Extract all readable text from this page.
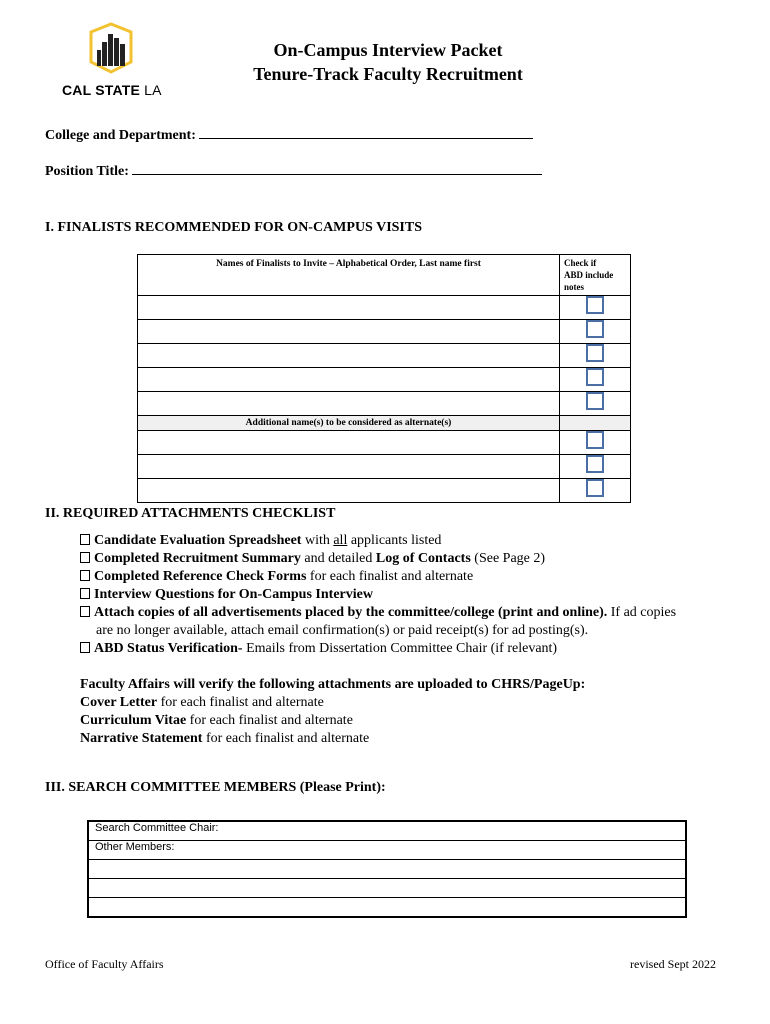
CAL STATE LA
On-Campus Interview Packet
Tenure-Track Faculty Recruitment
College and Department:
Position Title:
I. FINALISTS RECOMMENDED FOR ON-CAMPUS VISITS
Names of Finalists to Invite – Alphabetical Order, Last name first	Check if
ABD include
notes

Additional name(s) to be considered as alternate(s)	

II. REQUIRED ATTACHMENTS CHECKLIST
Candidate Evaluation Spreadsheet with all applicants listed
Completed Recruitment Summary and detailed Log of Contacts (See Page 2)
Completed Reference Check Forms for each finalist and alternate
Interview Questions for On-Campus Interview
Attach copies of all advertisements placed by the committee/college (print and online). If ad copies
are no longer available, attach email confirmation(s) or paid receipt(s) for ad posting(s).
ABD Status Verification- Emails from Dissertation Committee Chair (if relevant)
Faculty Affairs will verify the following attachments are uploaded to CHRS/PageUp:
Cover Letter for each finalist and alternate
Curriculum Vitae for each finalist and alternate
Narrative Statement for each finalist and alternate
III. SEARCH COMMITTEE MEMBERS (Please Print):
Search Committee Chair:
Other Members:

Office of Faculty Affairs	revised Sept 2022
